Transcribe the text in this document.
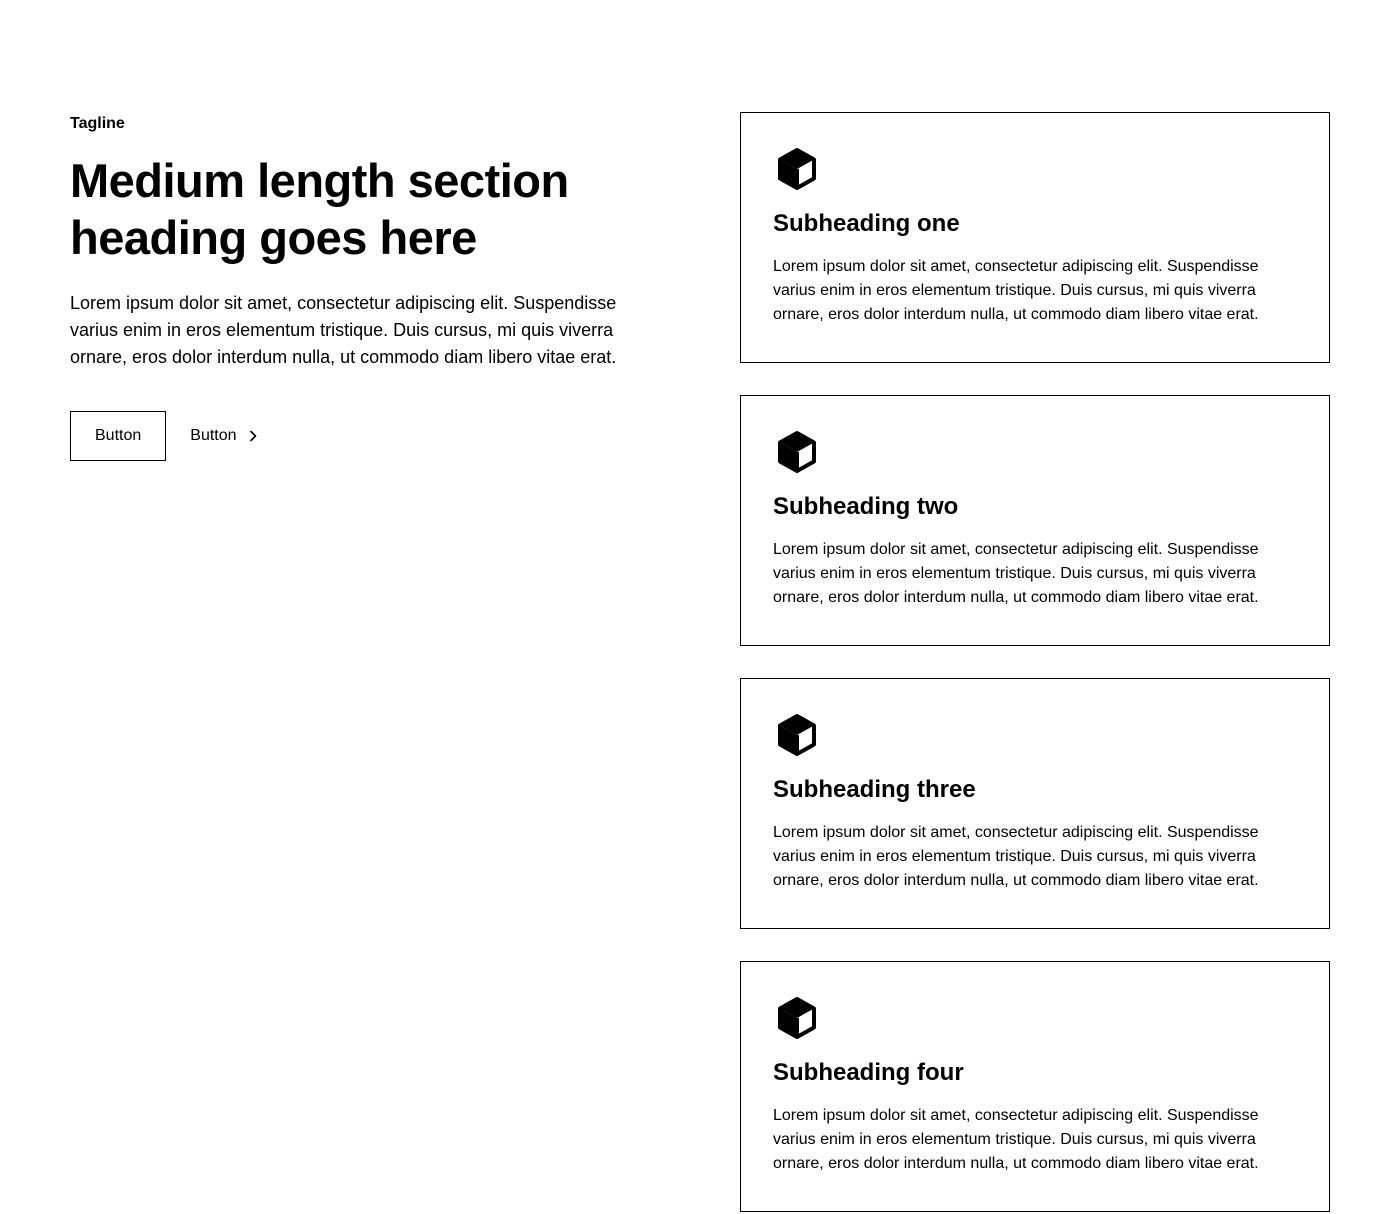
Tagline
Medium length section heading goes here

Lorem ipsum dolor sit amet, consectetur adipiscing elit. Suspendisse varius enim in eros elementum tristique. Duis cursus, mi quis viverra ornare, eros dolor interdum nulla, ut commodo diam libero vitae erat.

Button	Button
Subheading one

Lorem ipsum dolor sit amet, consectetur adipiscing elit. Suspendisse varius enim in eros elementum tristique. Duis cursus, mi quis viverra ornare, eros dolor interdum nulla, ut commodo diam libero vitae erat.

Subheading two

Lorem ipsum dolor sit amet, consectetur adipiscing elit. Suspendisse varius enim in eros elementum tristique. Duis cursus, mi quis viverra ornare, eros dolor interdum nulla, ut commodo diam libero vitae erat.

Subheading three

Lorem ipsum dolor sit amet, consectetur adipiscing elit. Suspendisse varius enim in eros elementum tristique. Duis cursus, mi quis viverra ornare, eros dolor interdum nulla, ut commodo diam libero vitae erat.

Subheading four

Lorem ipsum dolor sit amet, consectetur adipiscing elit. Suspendisse varius enim in eros elementum tristique. Duis cursus, mi quis viverra ornare, eros dolor interdum nulla, ut commodo diam libero vitae erat.
